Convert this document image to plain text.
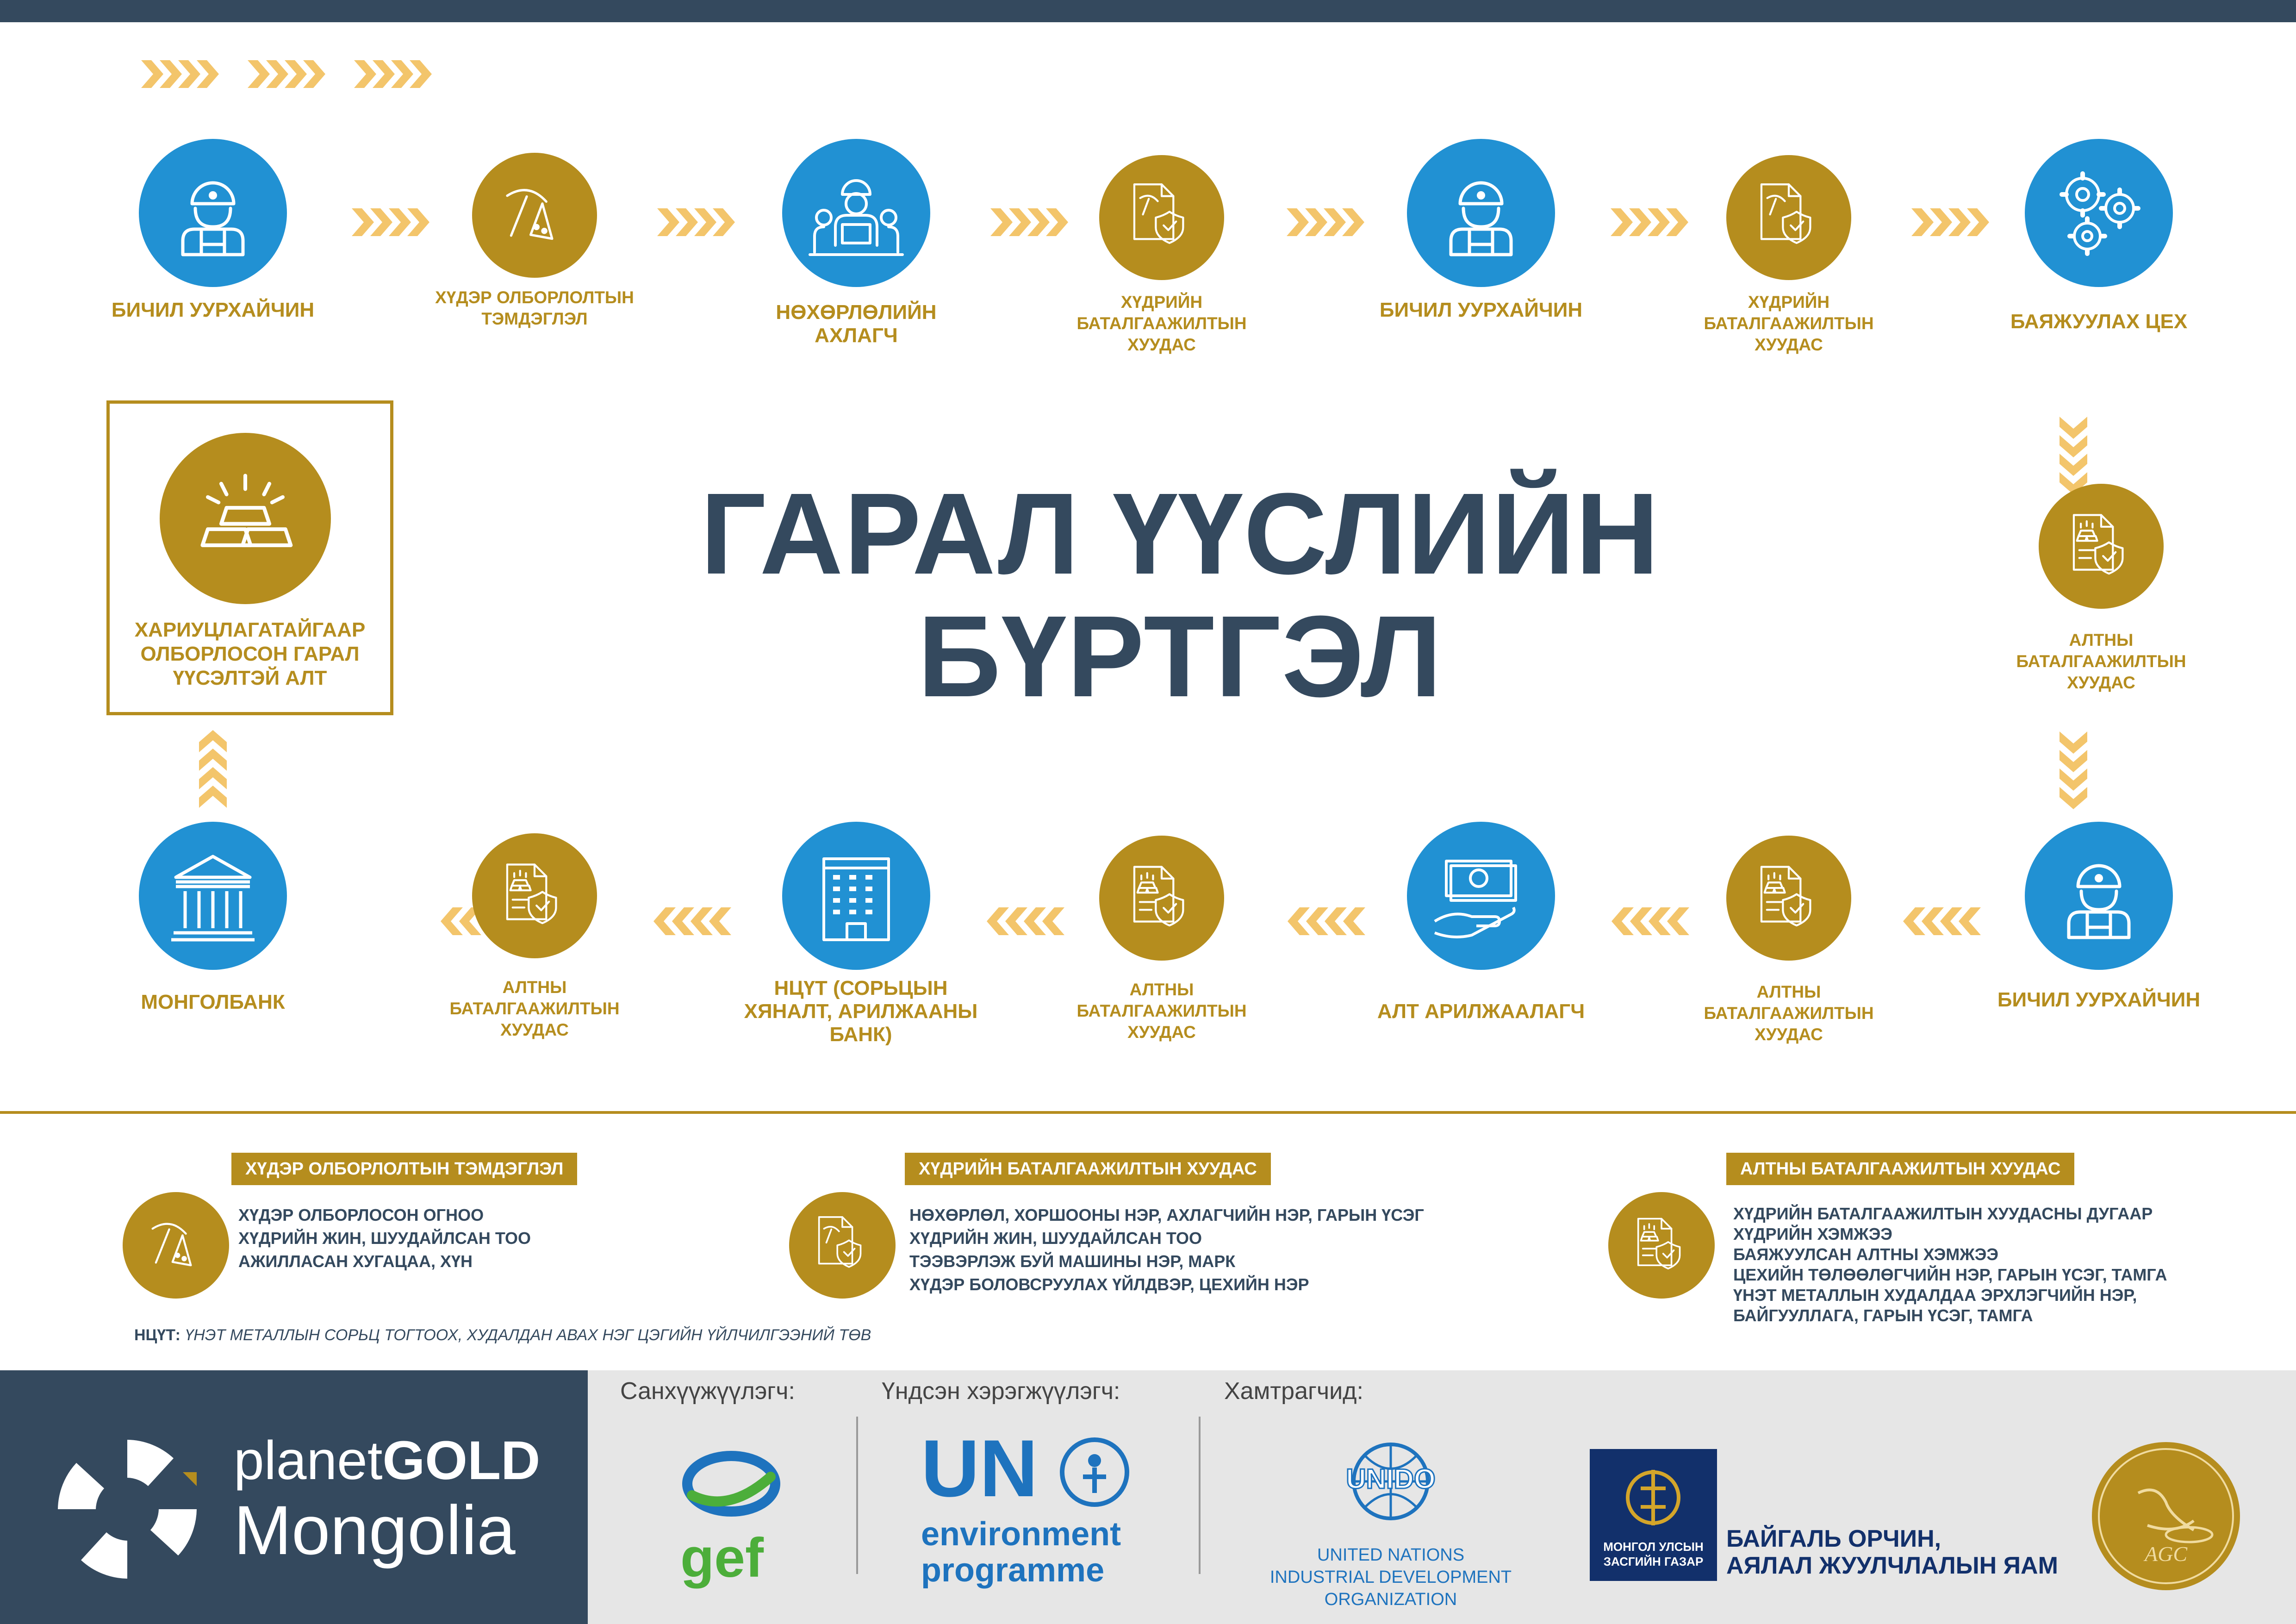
БИЧИЛ УУРХАЙЧИН
ХҮДЭР ОЛБОРЛОЛТЫН ТЭМДЭГЛЭЛ	НӨХӨРЛӨЛИЙН АХЛАГЧ
ХҮДРИЙН БАТАЛГААЖИЛТЫН ХУУДАС
БИЧИЛ УУРХАЙЧИН	ХҮДРИЙН БАТАЛГААЖИЛТЫН ХУУДАС
БАЯЖУУЛАХ ЦЕХ
АЛТНЫ БАТАЛГААЖИЛТЫН ХУУДАС
ГАРАЛ ҮҮСЛИЙН
БҮРТГЭЛ
ХАРИУЦЛАГАТАЙГААР ОЛБОРЛОСОН ГАРАЛ ҮҮСЭЛТЭЙ АЛТ
МОНГОЛБАНК
АЛТНЫ БАТАЛГААЖИЛТЫН ХУУДАС
НЦҮТ (СОРЬЦЫН ХЯНАЛТ, АРИЛЖААНЫ БАНК)
АЛТНЫ БАТАЛГААЖИЛТЫН ХУУДАС
АЛТ АРИЛЖААЛАГЧ
АЛТНЫ БАТАЛГААЖИЛТЫН ХУУДАС
БИЧИЛ УУРХАЙЧИН
ХҮДЭР ОЛБОРЛОЛТЫН ТЭМДЭГЛЭЛ
ХҮДЭР ОЛБОРЛОСОН ОГНОО
ХҮДРИЙН ЖИН, ШУУДАЙЛСАН ТОО
АЖИЛЛАСАН ХУГАЦАА, ХҮН
ХҮДРИЙН БАТАЛГААЖИЛТЫН ХУУДАС
НӨХӨРЛӨЛ, ХОРШООНЫ НЭР, АХЛАГЧИЙН НЭР, ГАРЫН ҮСЭГ
ХҮДРИЙН ЖИН, ШУУДАЙЛСАН ТОО
ТЭЭВЭРЛЭЖ БУЙ МАШИНЫ НЭР, МАРК
ХҮДЭР БОЛОВСРУУЛАХ ҮЙЛДВЭР, ЦЕХИЙН НЭР
АЛТНЫ БАТАЛГААЖИЛТЫН ХУУДАС
ХҮДРИЙН БАТАЛГААЖИЛТЫН ХУУДАСНЫ ДУГААР
ХҮДРИЙН ХЭМЖЭЭ
БАЯЖУУЛСАН АЛТНЫ ХЭМЖЭЭ
ЦЕХИЙН ТӨЛӨӨЛӨГЧИЙН НЭР, ГАРЫН ҮСЭГ, ТАМГА
ҮНЭТ МЕТАЛЛЫН ХУДАЛДАА ЭРХЛЭГЧИЙН НЭР,
БАЙГУУЛЛАГА, ГАРЫН ҮСЭГ, ТАМГА
НЦҮТ: ҮНЭТ МЕТАЛЛЫН СОРЬЦ ТОГТООХ, ХУДАЛДАН АВАХ НЭГ ЦЭГИЙН ҮЙЛЧИЛГЭЭНИЙ ТӨВ
planetGOLD
Mongolia
Санхүүжүүлэгч:	Үндсэн хэрэгжүүлэгч:	Хамтрагчид:
gef
UN
environment
programme
UNIDO
UNITED NATIONS
INDUSTRIAL DEVELOPMENT ORGANIZATION
МОНГОЛ УЛСЫН
ЗАСГИЙН ГАЗАР
БАЙГАЛЬ ОРЧИН,
АЯЛАЛ ЖУУЛЧЛАЛЫН ЯАМ	AGC
